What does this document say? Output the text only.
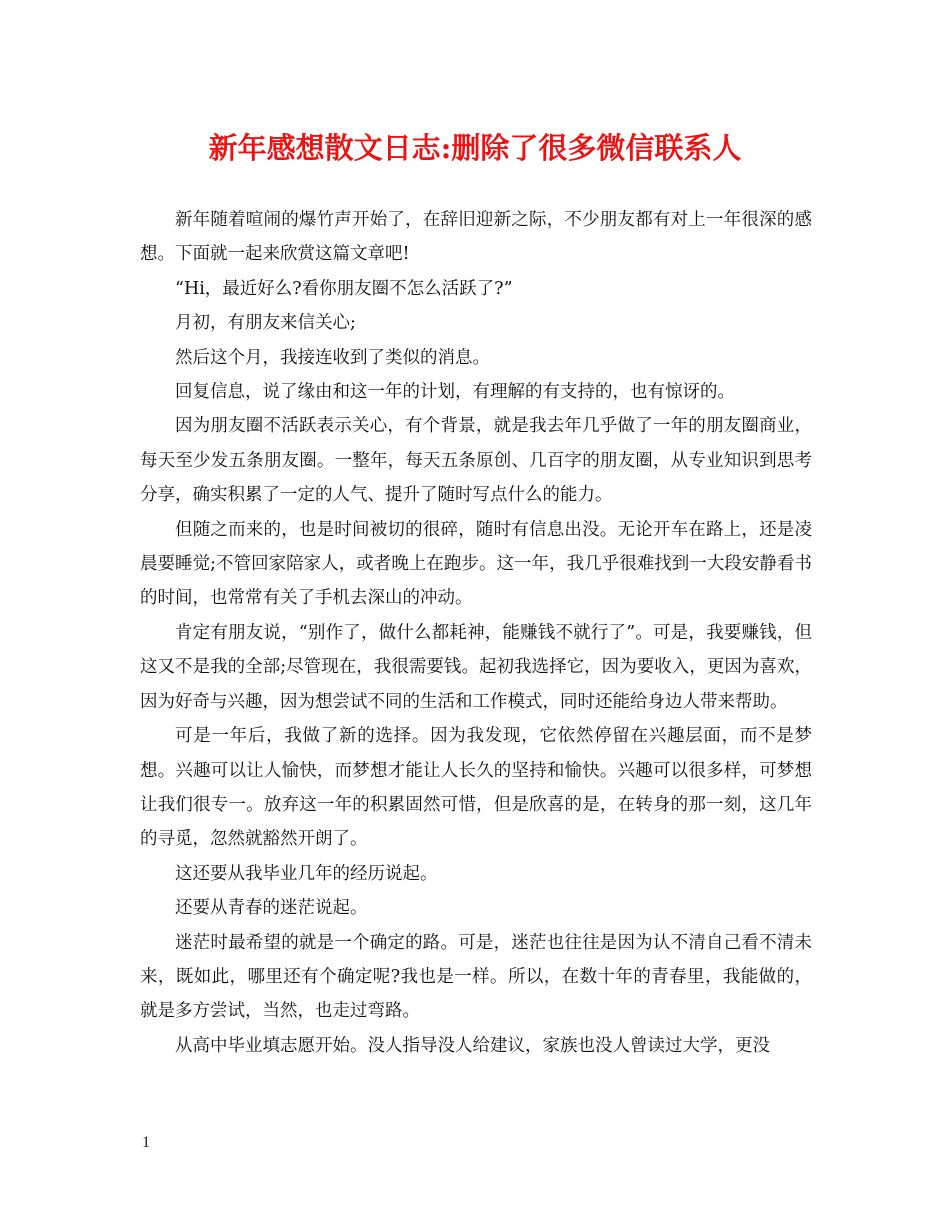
新年感想散文日志:删除了很多微信联系人

新年随着喧闹的爆竹声开始了，在辞旧迎新之际，不少朋友都有对上一年很深的感想。下面就一起来欣赏这篇文章吧!

“Hi，最近好么?看你朋友圈不怎么活跃了?”

月初，有朋友来信关心;

然后这个月，我接连收到了类似的消息。

回复信息，说了缘由和这一年的计划，有理解的有支持的，也有惊讶的。

因为朋友圈不活跃表示关心，有个背景，就是我去年几乎做了一年的朋友圈商业，每天至少发五条朋友圈。一整年，每天五条原创、几百字的朋友圈，从专业知识到思考分享，确实积累了一定的人气、提升了随时写点什么的能力。

但随之而来的，也是时间被切的很碎，随时有信息出没。无论开车在路上，还是凌晨要睡觉;不管回家陪家人，或者晚上在跑步。这一年，我几乎很难找到一大段安静看书的时间，也常常有关了手机去深山的冲动。

肯定有朋友说，“别作了，做什么都耗神，能赚钱不就行了”。可是，我要赚钱，但这又不是我的全部;尽管现在，我很需要钱。起初我选择它，因为要收入，更因为喜欢，因为好奇与兴趣，因为想尝试不同的生活和工作模式，同时还能给身边人带来帮助。

可是一年后，我做了新的选择。因为我发现，它依然停留在兴趣层面，而不是梦想。兴趣可以让人愉快，而梦想才能让人长久的坚持和愉快。兴趣可以很多样，可梦想让我们很专一。放弃这一年的积累固然可惜，但是欣喜的是，在转身的那一刻，这几年的寻觅，忽然就豁然开朗了。

这还要从我毕业几年的经历说起。

还要从青春的迷茫说起。

迷茫时最希望的就是一个确定的路。可是，迷茫也往往是因为认不清自己看不清未来，既如此，哪里还有个确定呢?我也是一样。所以，在数十年的青春里，我能做的，就是多方尝试，当然，也走过弯路。

从高中毕业填志愿开始。没人指导没人给建议，家族也没人曾读过大学，更没

1
